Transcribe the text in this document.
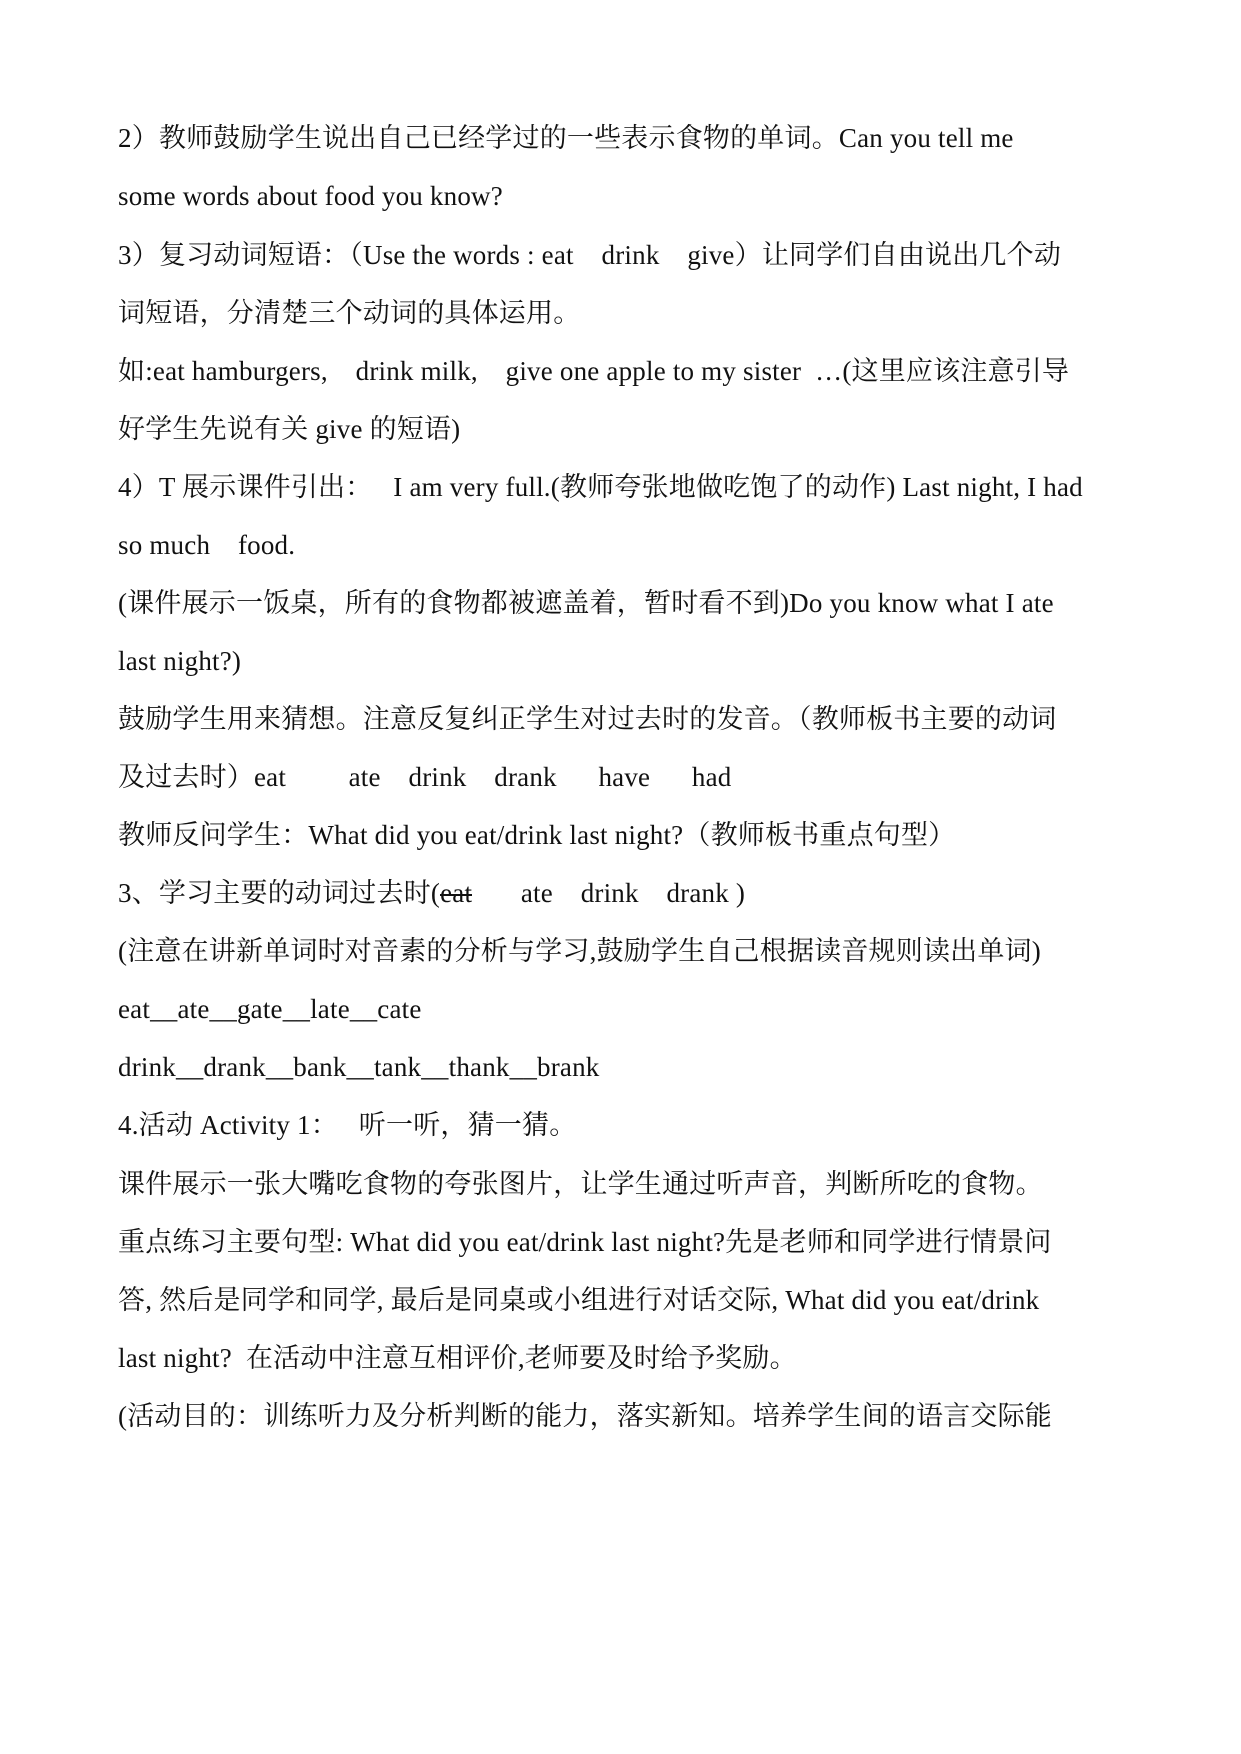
2）教师鼓励学生说出自己已经学过的一些表示食物的单词。Can you tell me
some words about food you know?
3）复习动词短语：（Use the words : eat    drink    give）让同学们自由说出几个动
词短语，分清楚三个动词的具体运用。
如:eat hamburgers,    drink milk,    give one apple to my sister  …(这里应该注意引导
好学生先说有关 give 的短语)
4）T 展示课件引出：   I am very full.(教师夸张地做吃饱了的动作) Last night, I had
so much    food.
(课件展示一饭桌，所有的食物都被遮盖着，暂时看不到)Do you know what I ate
last night?)
鼓励学生用来猜想。注意反复纠正学生对过去时的发音。（教师板书主要的动词
及过去时）eat         ate    drink    drank      have      had
教师反问学生：What did you eat/drink last night?（教师板书重点句型）
3、学习主要的动词过去时(eat       ate    drink    drank )
(注意在讲新单词时对音素的分析与学习,鼓励学生自己根据读音规则读出单词)
eat__ate__gate__late__cate
drink__drank__bank__tank__thank__brank
4.活动 Activity 1：   听一听，猜一猜。
课件展示一张大嘴吃食物的夸张图片，让学生通过听声音，判断所吃的食物。
重点练习主要句型: What did you eat/drink last night?先是老师和同学进行情景问
答, 然后是同学和同学, 最后是同桌或小组进行对话交际, What did you eat/drink
last night?  在活动中注意互相评价,老师要及时给予奖励。
(活动目的：训练听力及分析判断的能力，落实新知。培养学生间的语言交际能
